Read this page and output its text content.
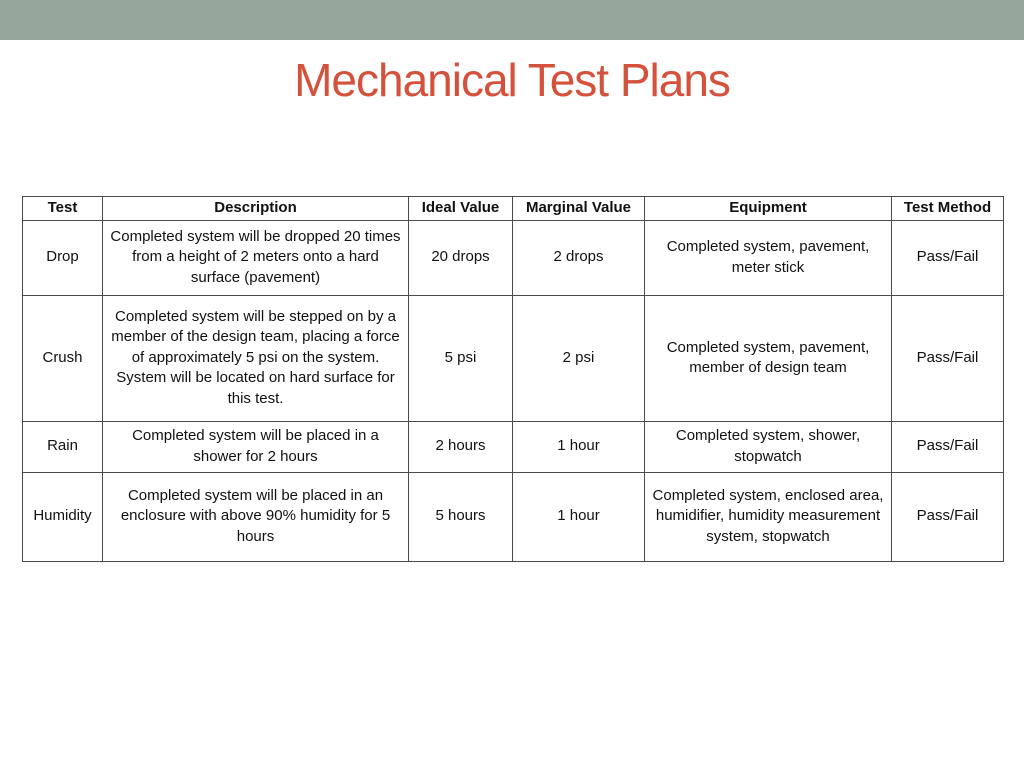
Mechanical Test Plans
Test	Description	Ideal Value	Marginal Value	Equipment	Test Method
Drop	Completed system will be dropped 20 times from a height of 2 meters onto a hard surface (pavement)	20 drops	2 drops	Completed system, pavement, meter stick	Pass/Fail
Crush	Completed system will be stepped on by a member of the design team, placing a force of approximately 5 psi on the system. System will be located on hard surface for this test.	5 psi	2 psi	Completed system, pavement, member of design team	Pass/Fail
Rain	Completed system will be placed in a shower for 2 hours	2 hours	1 hour	Completed system, shower, stopwatch	Pass/Fail
Humidity	Completed system will be placed in an enclosure with above 90% humidity for 5 hours	5 hours	1 hour	Completed system, enclosed area, humidifier, humidity measurement system, stopwatch	Pass/Fail
